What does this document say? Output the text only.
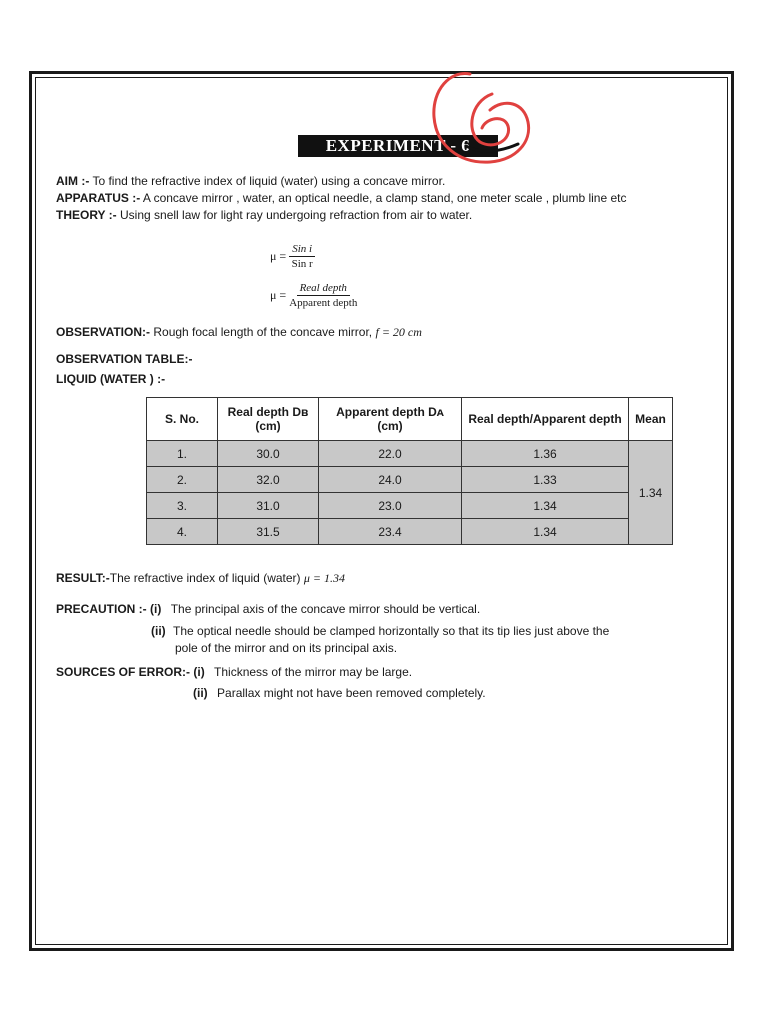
EXPERIMENT - 6
AIM :- To find the refractive index of liquid (water) using a concave mirror.
APPARATUS :- A concave mirror , water, an optical needle, a clamp stand, one meter scale , plumb line etc
THEORY :- Using snell law for light ray undergoing refraction from air to water.
$\mu = \frac{\text{Sin i}}{\text{Sin r}}$
$\mu = \frac{\text{Real depth}}{\text{Apparent depth}}$
OBSERVATION:- Rough focal length of the concave mirror, f = 20 cm
OBSERVATION TABLE:-
LIQUID (WATER ) :-
S. No.	Real depth Dʙ (cm)	Apparent depth Dᴀ (cm)	Real depth/Apparent depth	Mean
1.	30.0	22.0	1.36	1.34
2.	32.0	24.0	1.33	
3.	31.0	23.0	1.34	
4.	31.5	23.4	1.34	
RESULT:-The refractive index of liquid (water) μ = 1.34
PRECAUTION :- (i) The principal axis of the concave mirror should be vertical.
(ii) The optical needle should be clamped horizontally so that its tip lies just above the
pole of the mirror and on its principal axis.
SOURCES OF ERROR:- (i) Thickness of the mirror may be large.
(ii) Parallax might not have been removed completely.
